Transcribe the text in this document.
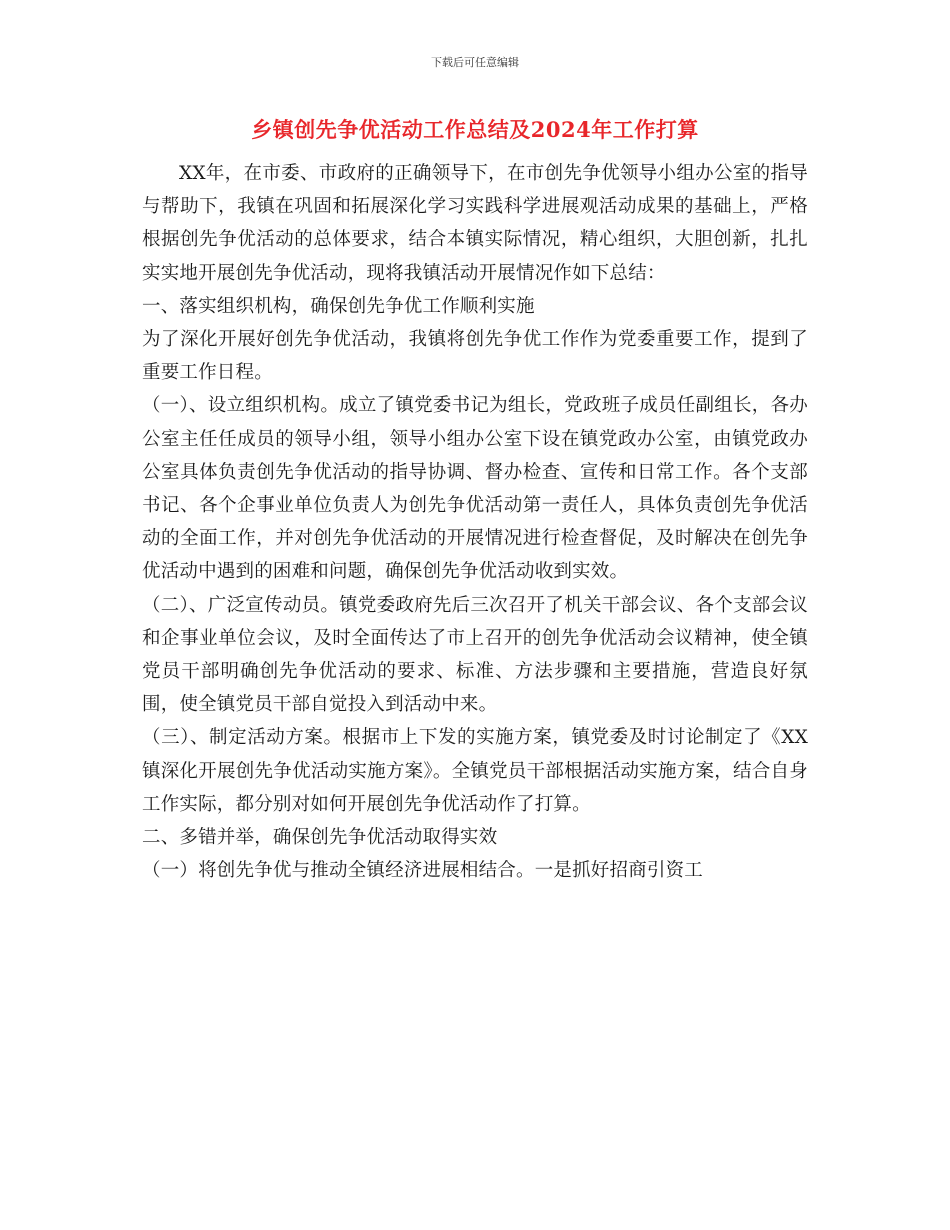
下载后可任意编辑
乡镇创先争优活动工作总结及2024年工作打算

XX年，在市委、市政府的正确领导下，在市创先争优领导小组办公室的指导与帮助下，我镇在巩固和拓展深化学习实践科学进展观活动成果的基础上，严格根据创先争优活动的总体要求，结合本镇实际情况，精心组织，大胆创新，扎扎实实地开展创先争优活动，现将我镇活动开展情况作如下总结：

一、落实组织机构，确保创先争优工作顺利实施

为了深化开展好创先争优活动，我镇将创先争优工作作为党委重要工作，提到了重要工作日程。

（一）、设立组织机构。成立了镇党委书记为组长，党政班子成员任副组长，各办公室主任任成员的领导小组，领导小组办公室下设在镇党政办公室，由镇党政办公室具体负责创先争优活动的指导协调、督办检查、宣传和日常工作。各个支部书记、各个企事业单位负责人为创先争优活动第一责任人，具体负责创先争优活动的全面工作，并对创先争优活动的开展情况进行检查督促，及时解决在创先争优活动中遇到的困难和问题，确保创先争优活动收到实效。

（二）、广泛宣传动员。镇党委政府先后三次召开了机关干部会议、各个支部会议和企事业单位会议，及时全面传达了市上召开的创先争优活动会议精神，使全镇党员干部明确创先争优活动的要求、标准、方法步骤和主要措施，营造良好氛围，使全镇党员干部自觉投入到活动中来。

（三）、制定活动方案。根据市上下发的实施方案，镇党委及时讨论制定了《XX镇深化开展创先争优活动实施方案》。全镇党员干部根据活动实施方案，结合自身工作实际，都分别对如何开展创先争优活动作了打算。

二、多错并举，确保创先争优活动取得实效

（一）将创先争优与推动全镇经济进展相结合。一是抓好招商引资工
